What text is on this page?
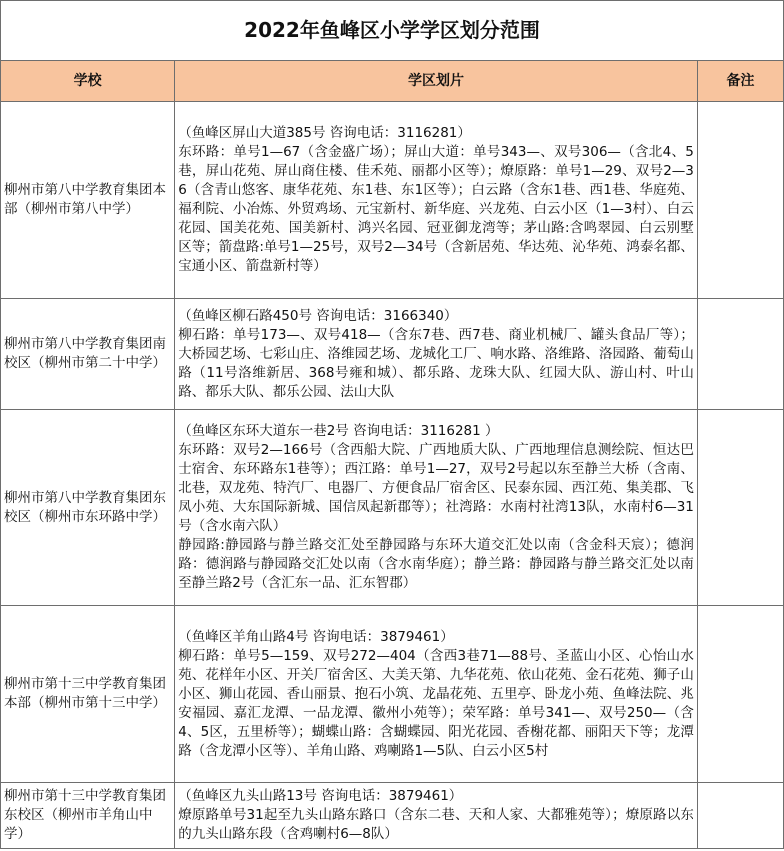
2022年鱼峰区小学学区划分范围		
学校	学区划片	备注
柳州市第八中学教育集团本部（柳州市第八中学）	（鱼峰区屏山大道385号 咨询电话：3116281）

东环路：单号1—67（含金盛广场）；屏山大道：单号343—、双号306—（含北4、5巷，屏山花苑、屏山商住楼、佳禾苑、丽都小区等）；燎原路：单号1—29、双号2—36（含青山悠客、康华花苑、东1巷、东1区等）；白云路（含东1巷、西1巷、华庭苑、福利院、小冶炼、外贸鸡场、元宝新村、新华庭、兴龙苑、白云小区（1—3村）、白云花园、国美花苑、国美新村、鸿兴名园、冠亚御龙湾等；茅山路:含鸣翠园、白云别墅区等；箭盘路:单号1—25号，双号2—34号（含新居苑、华达苑、沁华苑、鸿泰名都、宝通小区、箭盘新村等）	

柳州市第八中学教育集团南校区（柳州市第二十中学）	（鱼峰区柳石路450号 咨询电话：3166340）

柳石路：单号173—、双号418—（含东7巷、西7巷、商业机械厂、罐头食品厂等）；大桥园艺场、七彩山庄、洛维园艺场、龙城化工厂、响水路、洛维路、洛园路、葡萄山路（11号洛维新居、368号雍和城）、都乐路、龙珠大队、红园大队、游山村、叶山路、都乐大队、都乐公园、法山大队	

柳州市第八中学教育集团东校区（柳州市东环路中学）	（鱼峰区东环大道东一巷2号 咨询电话：3116281 ）

东环路：双号2—166号（含西船大院、广西地质大队、广西地理信息测绘院、恒达巴士宿舍、东环路东1巷等）；西江路：单号1—27，双号2号起以东至静兰大桥（含南、北巷，双龙苑、特汽厂、电器厂、方便食品厂宿舍区、民泰东园、西江苑、集美郡、飞凤小苑、大东国际新城、国信凤起新郡等）；社湾路：水南村社湾13队，水南村6—31号（含水南六队）

静园路:静园路与静兰路交汇处至静园路与东环大道交汇处以南（含金科天宸）；德润路：德润路与静园路交汇处以南（含水南华庭）；静兰路：静园路与静兰路交汇处以南至静兰路2号（含汇东一品、汇东智郡）	

柳州市第十三中学教育集团本部（柳州市第十三中学）	（鱼峰区羊角山路4号 咨询电话：3879461）

柳石路：单号5—159、双号272—404（含西3巷71—88号、圣蓝山小区、心怡山水苑、花样年小区、开关厂宿舍区、大美天第、九华花苑、依山花苑、金石花苑、狮子山小区、狮山花园、香山丽景、抱石小筑、龙晶花苑、五里亭、卧龙小苑、鱼峰法院、兆安福园、嘉汇龙潭、一品龙潭、徽州小苑等）；荣军路：单号341—、双号250—（含4、5区，五里桥等）；蝴蝶山路：含蝴蝶园、阳光花园、香榭花都、丽阳天下等；龙潭路（含龙潭小区等）、羊角山路、鸡喇路1—5队、白云小区5村	

柳州市第十三中学教育集团东校区（柳州市羊角山中学）	（鱼峰区九头山路13号 咨询电话：3879461）

燎原路单号31起至九头山路东路口（含东二巷、天和人家、大都雅苑等）；燎原路以东的九头山路东段（含鸡喇村6—8队）	
